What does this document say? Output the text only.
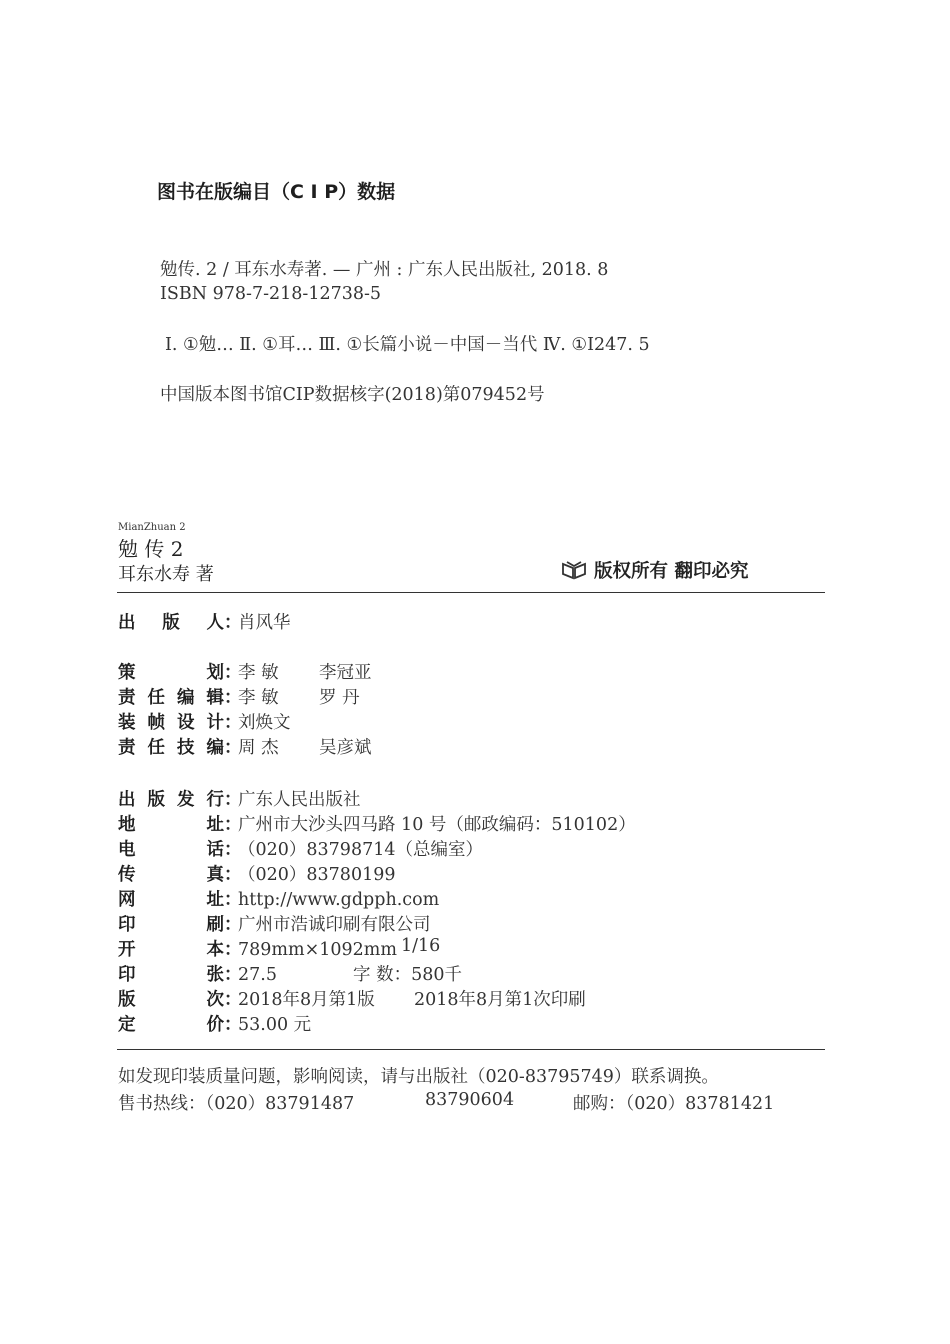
图书在版编目（C I P）数据
勉传. 2 / 耳东水寿著. — 广州 : 广东人民出版社, 2018. 8
ISBN 978-7-218-12738-5
Ⅰ. ①勉… Ⅱ. ①耳… Ⅲ. ①长篇小说－中国－当代 Ⅳ. ①I247. 5
中国版本图书馆CIP数据核字(2018)第079452号
MianZhuan 2
勉 传 2
耳东水寿 著	版权所有 翻印必究
出 版 人 ：
肖风华
策划 ：
李 敏 李冠亚
责任编辑 ：
李 敏 罗 丹
装帧设计 ：
刘焕文
责任技编 ：
周 杰 吴彦斌
出版发行 ：
广东人民出版社
地址 ：
广州市大沙头四马路 10 号（邮政编码：510102）
电话 ：
（020）83798714（总编室）
传真 ：
（020）83780199
网址 ：
http://www.gdpph.com
印刷 ：
广州市浩诚印刷有限公司
开本 ：
789mm×1092mm 1/16
印张 ：
27.5	字 数：580千
版次 ：
2018年8月第1版 2018年8月第1次印刷
定价 ：
53.00 元
如发现印装质量问题，影响阅读，请与出版社（020-83795749）联系调换。
售书热线：（020）83791487	83790604	邮购：（020）83781421
